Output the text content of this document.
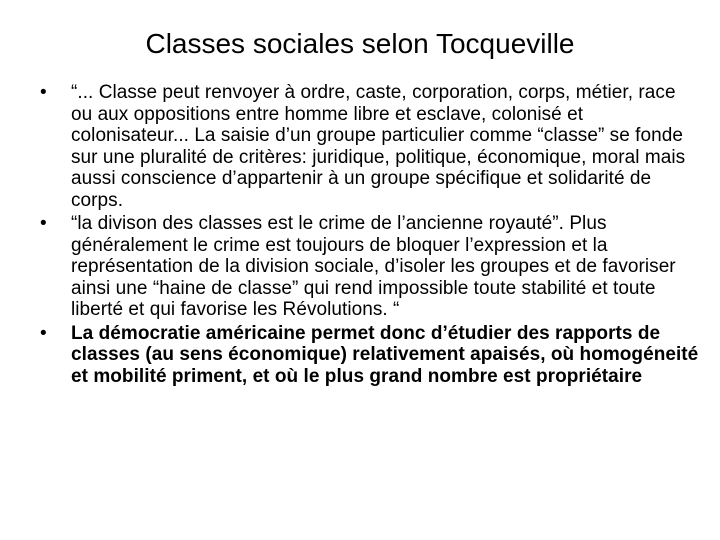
Classes sociales selon Tocqueville
•	“... Classe peut renvoyer à ordre, caste, corporation, corps, métier, race ou aux oppositions entre homme libre et esclave, colonisé et colonisateur... La saisie d’un groupe particulier comme “classe” se fonde sur une pluralité de critères: juridique, politique, économique, moral mais aussi conscience d’appartenir à un groupe spécifique et solidarité de corps.
•	“la divison des classes est le crime de l’ancienne royauté”. Plus généralement le crime est toujours de bloquer l’expression et la représentation de la division sociale, d’isoler les groupes et de favoriser ainsi une “haine de classe” qui rend impossible toute stabilité et toute liberté et qui favorise les Révolutions. “
•	La démocratie américaine permet donc d’étudier des rapports de classes (au sens économique) relativement apaisés, où homogéneité et mobilité priment, et où le plus grand nombre est propriétaire
